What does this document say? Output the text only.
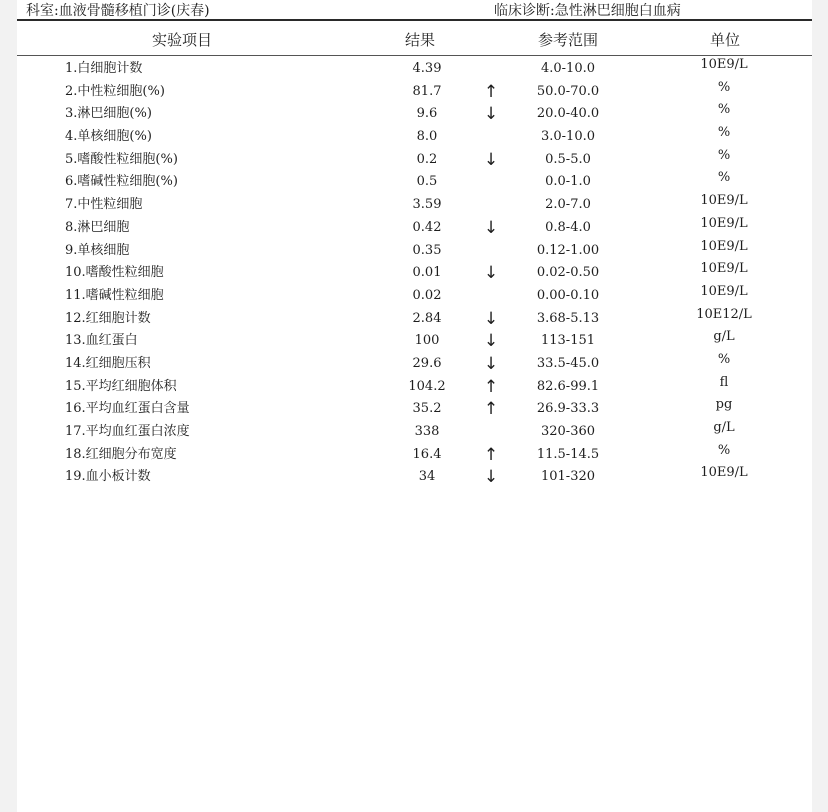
科室:血液骨髓移植门诊(庆春)	临床诊断:急性淋巴细胞白血病
实验项目	结果	参考范围	单位
1.白细胞计数	4.39	4.0-10.0	10E9/L
2.中性粒细胞(%)	81.7 ↑	50.0-70.0	%
3.淋巴细胞(%)	9.6	↓	20.0-40.0	%
4.单核细胞(%)	8.0	3.0-10.0	%
5.嗜酸性粒细胞(%)	0.2	↓	0.5-5.0	%
6.嗜碱性粒细胞(%)	0.5	0.0-1.0	%
7.中性粒细胞	3.59	2.0-7.0	10E9/L
8.淋巴细胞	0.42 ↓	0.8-4.0	10E9/L
9.单核细胞	0.35	0.12-1.00	10E9/L
10.嗜酸性粒细胞	0.01 ↓	0.02-0.50	10E9/L
11.嗜碱性粒细胞	0.02	0.00-0.10	10E9/L
12.红细胞计数	2.84 ↓	3.68-5.13	10E12/L
13.血红蛋白	100	↓	113-151	g/L
14.红细胞压积	29.6 ↓	33.5-45.0	%
15.平均红细胞体积	104.2 ↑	82.6-99.1	fl
16.平均血红蛋白含量	35.2 ↑	26.9-33.3	pg
17.平均血红蛋白浓度	338	320-360	g/L
18.红细胞分布宽度	16.4 ↑	11.5-14.5	%
19.血小板计数	34	↓	101-320	10E9/L
